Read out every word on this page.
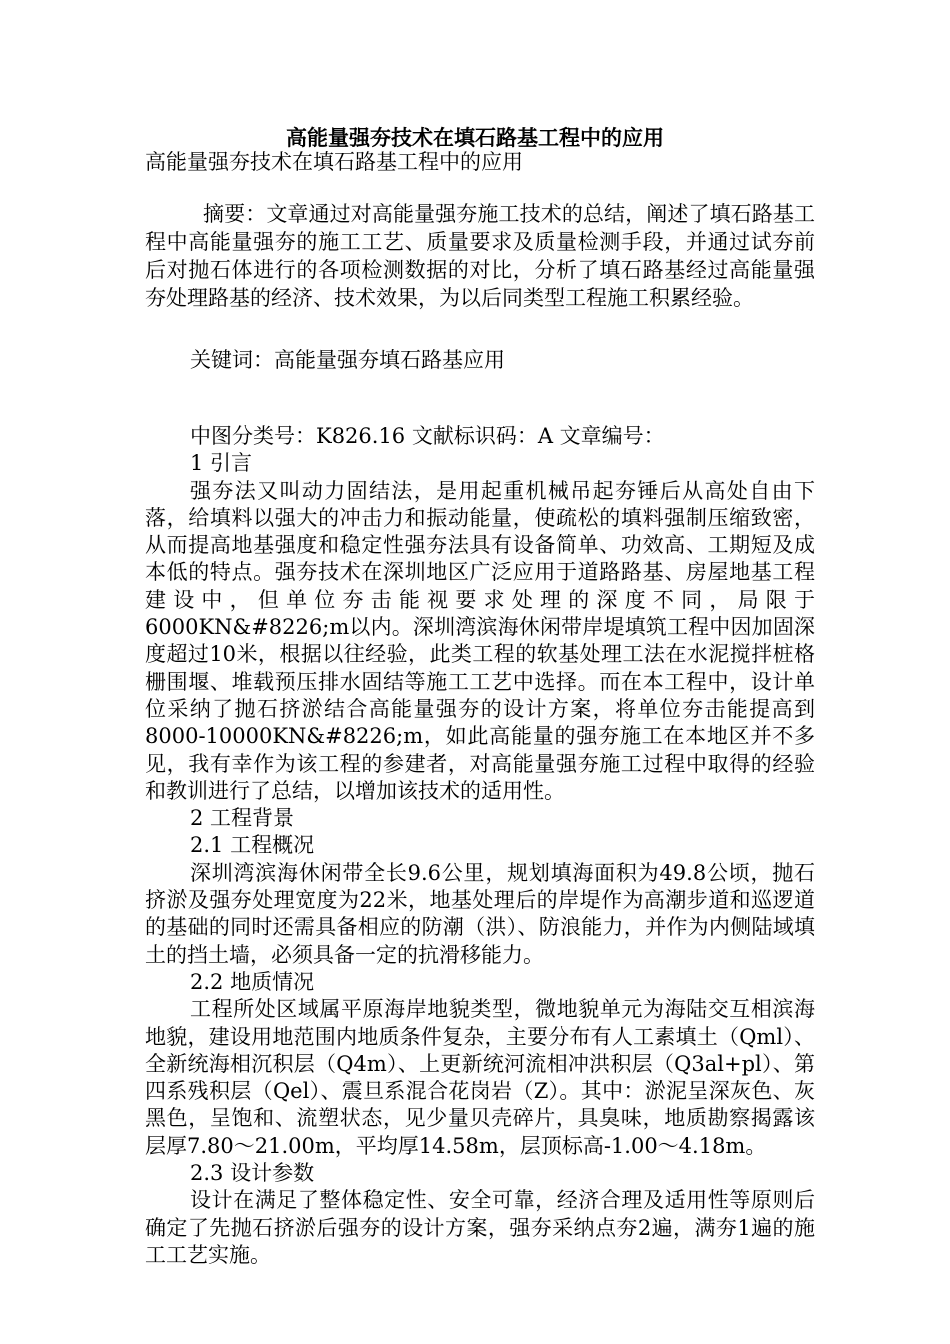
高能量强夯技术在填石路基工程中的应用

高能量强夯技术在填石路基工程中的应用

摘要：文章通过对高能量强夯施工技术的总结，阐述了填石路基工程中高能量强夯的施工工艺、质量要求及质量检测手段，并通过试夯前后对抛石体进行的各项检测数据的对比，分析了填石路基经过高能量强夯处理路基的经济、技术效果，为以后同类型工程施工积累经验。

关键词：高能量强夯填石路基应用

中图分类号：K826.16 文献标识码：A 文章编号：
1 引言

强夯法又叫动力固结法，是用起重机械吊起夯锤后从高处自由下落，给填料以强大的冲击力和振动能量，使疏松的填料强制压缩致密，从而提高地基强度和稳定性强夯法具有设备简单、功效高、工期短及成本低的特点。强夯技术在深圳地区广泛应用于道路路基、房屋地基工程建设中，但单位夯击能视要求处理的深度不同，局限于6000KN&#8226;m以内。深圳湾滨海休闲带岸堤填筑工程中因加固深度超过10米，根据以往经验，此类工程的软基处理工法在水泥搅拌桩格栅围堰、堆载预压排水固结等施工工艺中选择。而在本工程中，设计单位采纳了抛石挤淤结合高能量强夯的设计方案，将单位夯击能提高到8000-10000KN&#8226;m，如此高能量的强夯施工在本地区并不多见，我有幸作为该工程的参建者，对高能量强夯施工过程中取得的经验和教训进行了总结，以增加该技术的适用性。

2 工程背景
2.1 工程概况

深圳湾滨海休闲带全长9.6公里，规划填海面积为49.8公顷，抛石挤淤及强夯处理宽度为22米，地基处理后的岸堤作为高潮步道和巡逻道的基础的同时还需具备相应的防潮（洪）、防浪能力，并作为内侧陆域填土的挡土墙，必须具备一定的抗滑移能力。

2.2 地质情况

工程所处区域属平原海岸地貌类型，微地貌单元为海陆交互相滨海地貌，建设用地范围内地质条件复杂，主要分布有人工素填土（Qml）、全新统海相沉积层（Q4m）、上更新统河流相冲洪积层（Q3al+pl）、第四系残积层（Qel）、震旦系混合花岗岩（Z）。其中：淤泥呈深灰色、灰黑色，呈饱和、流塑状态，见少量贝壳碎片，具臭味，地质勘察揭露该层厚7.80～21.00m，平均厚14.58m，层顶标高-1.00～4.18m。

2.3 设计参数

设计在满足了整体稳定性、安全可靠，经济合理及适用性等原则后确定了先抛石挤淤后强夯的设计方案，强夯采纳点夯2遍，满夯1遍的施工工艺实施。
